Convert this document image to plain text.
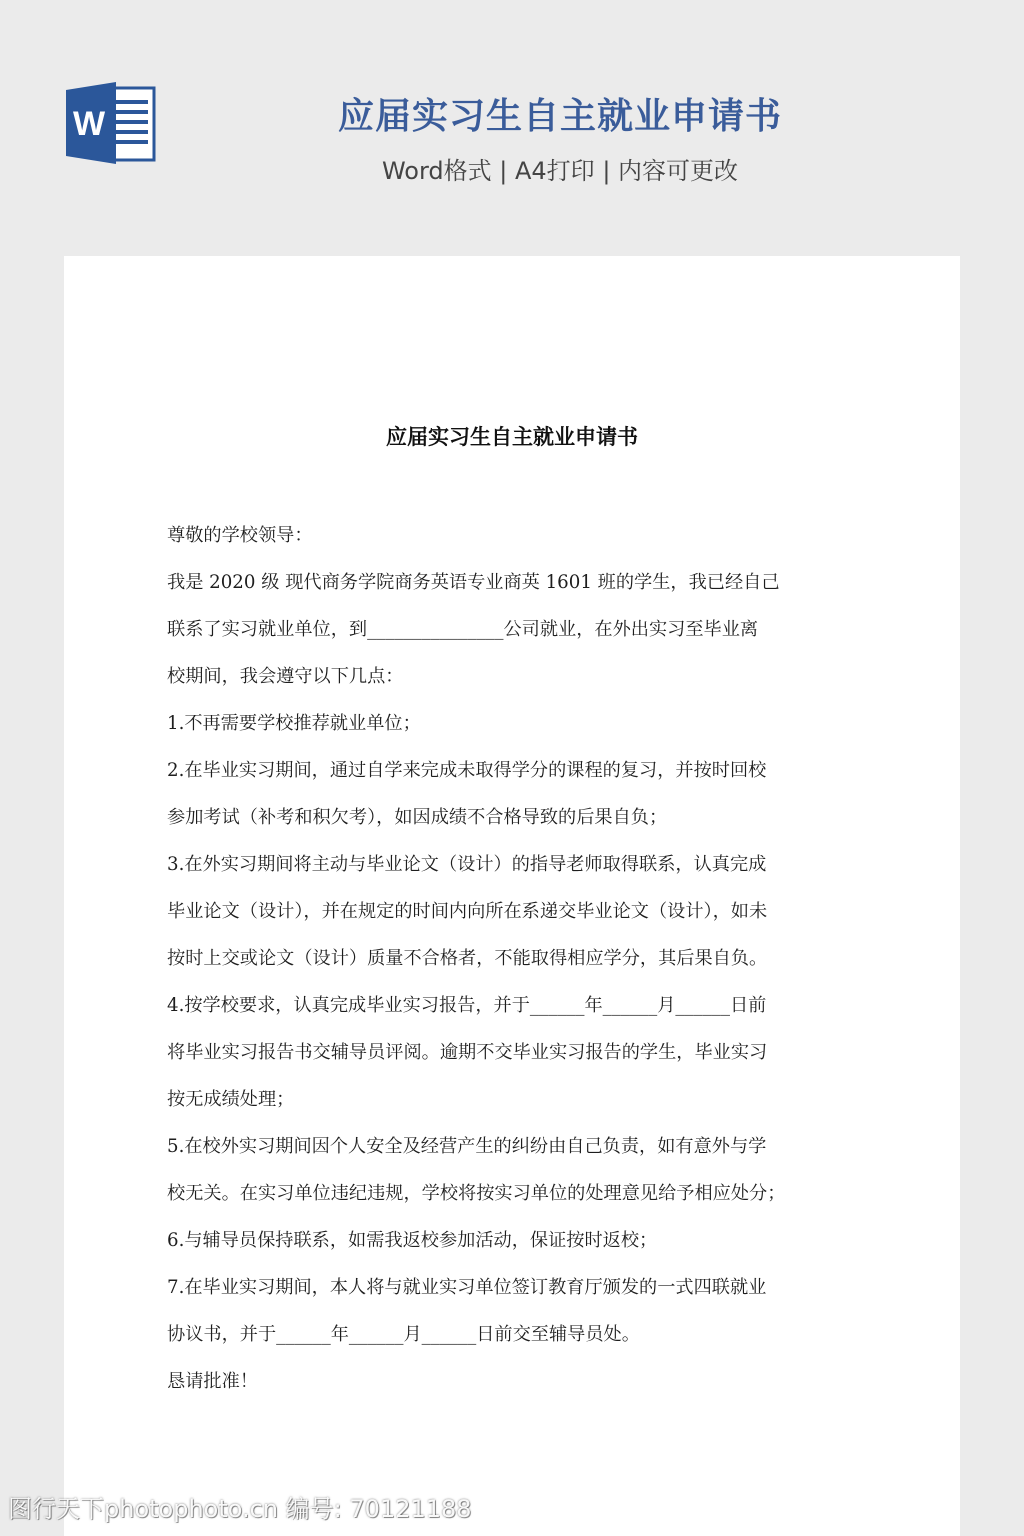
W	应届实习生自主就业申请书
Word格式 | A4打印 | 内容可更改
应届实习生自主就业申请书
尊敬的学校领导：
我是 2020 级 现代商务学院商务英语专业商英 1601 班的学生，我已经自己
联系了实习就业单位，到_______________公司就业，在外出实习至毕业离
校期间，我会遵守以下几点：
1.不再需要学校推荐就业单位；
2.在毕业实习期间，通过自学来完成未取得学分的课程的复习，并按时回校
参加考试（补考和积欠考），如因成绩不合格导致的后果自负；
3.在外实习期间将主动与毕业论文（设计）的指导老师取得联系，认真完成
毕业论文（设计），并在规定的时间内向所在系递交毕业论文（设计），如未
按时上交或论文（设计）质量不合格者，不能取得相应学分，其后果自负。
4.按学校要求，认真完成毕业实习报告，并于______年______月______日前
将毕业实习报告书交辅导员评阅。逾期不交毕业实习报告的学生，毕业实习
按无成绩处理；
5.在校外实习期间因个人安全及经营产生的纠纷由自己负责，如有意外与学
校无关。在实习单位违纪违规，学校将按实习单位的处理意见给予相应处分；
6.与辅导员保持联系，如需我返校参加活动，保证按时返校；
7.在毕业实习期间，本人将与就业实习单位签订教育厅颁发的一式四联就业
协议书，并于______年______月______日前交至辅导员处。
恳请批准！
图行天下photophoto.cn 编号: 70121188
